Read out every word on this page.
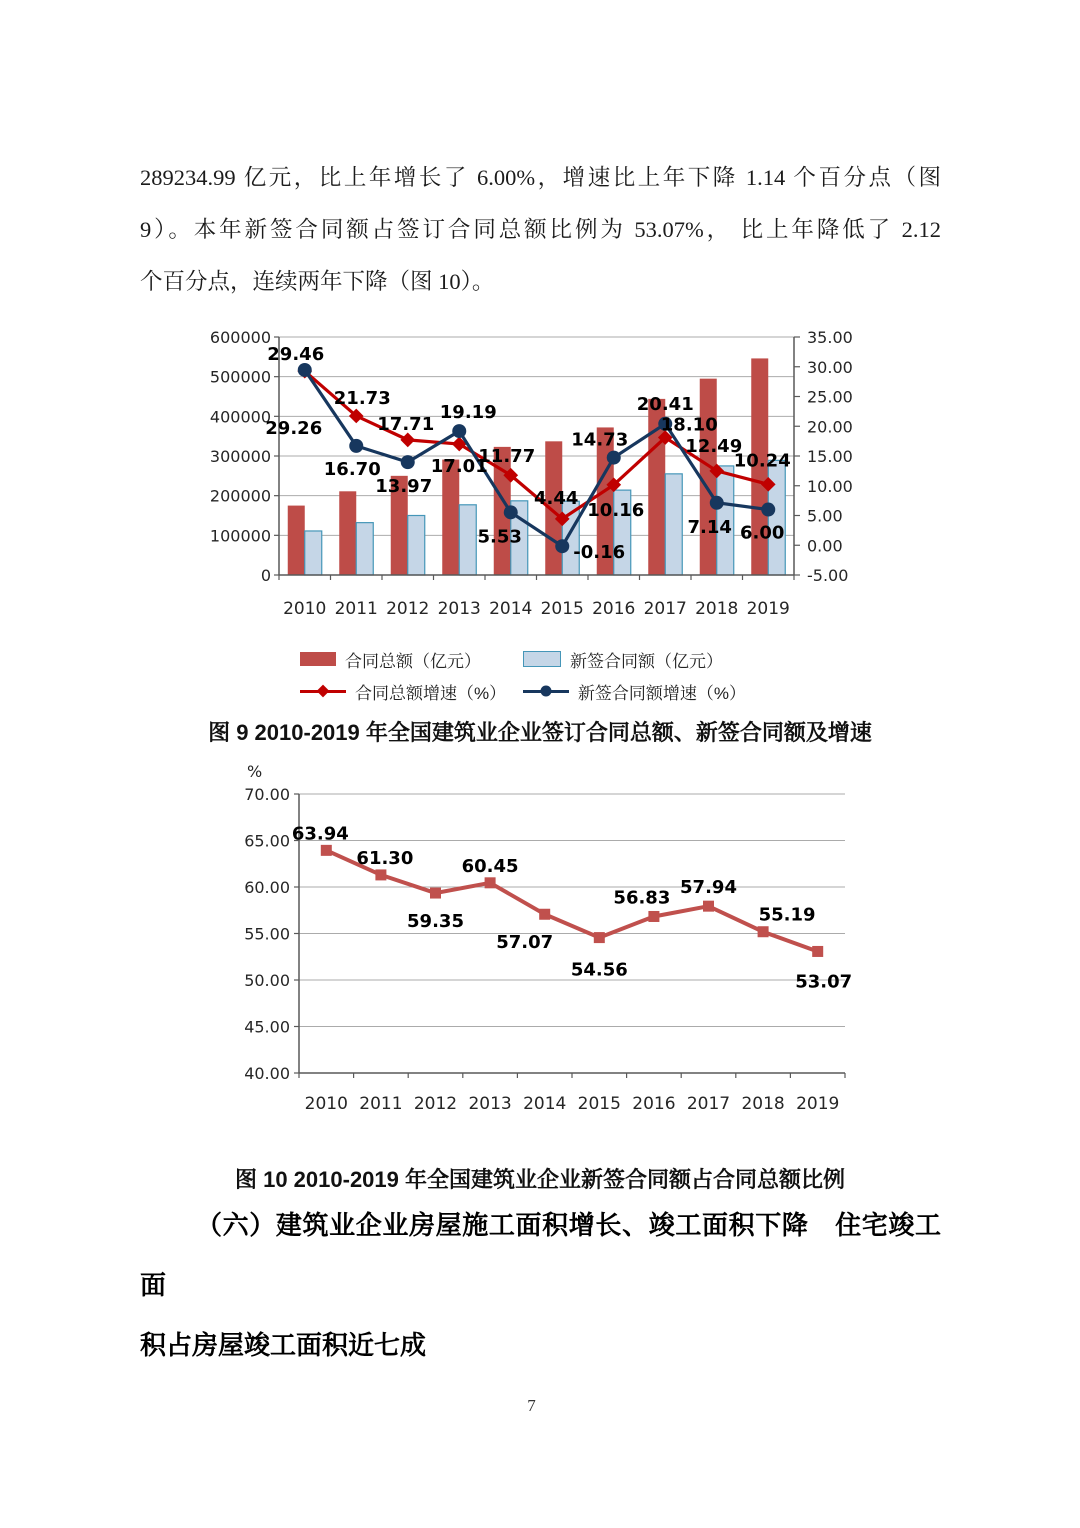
289234.99 亿元，比上年增长了 6.00%，增速比上年下降 1.14 个百分点（图
9）。本年新签合同额占签订合同总额比例为 53.07%， 比上年降低了 2.12
个百分点，连续两年下降（图 10）。
0
100000
200000
300000
400000
500000
600000
-5.00
0.00
5.00
10.00
15.00
20.00
25.00
30.00
35.00
2010 2011 2012 2013 2014 2015 2016 2017 2018 2019
29.26
21.73
17.71
17.01
11.77
4.44
10.16
18.10
12.49
10.24
29.46
16.70
13.97
19.19
5.53
-0.16
14.73
20.41
7.14 6.00
合同总额（亿元）	新签合同额（亿元）
合同总额增速（%）	新签合同额增速（%）
图 9 2010-2019 年全国建筑业企业签订合同总额、新签合同额及增速
40.00
45.00
50.00
55.00
60.00
65.00
70.00
%
2010 2011 2012 2013 2014 2015 2016 2017 2018 2019
63.94
61.30
59.35
60.45
57.07
54.56
56.83 57.94
55.19
53.07
图 10 2010-2019 年全国建筑业企业新签合同额占合同总额比例
（六）建筑业企业房屋施工面积增长、竣工面积下降　住宅竣工面
积占房屋竣工面积近七成
7
